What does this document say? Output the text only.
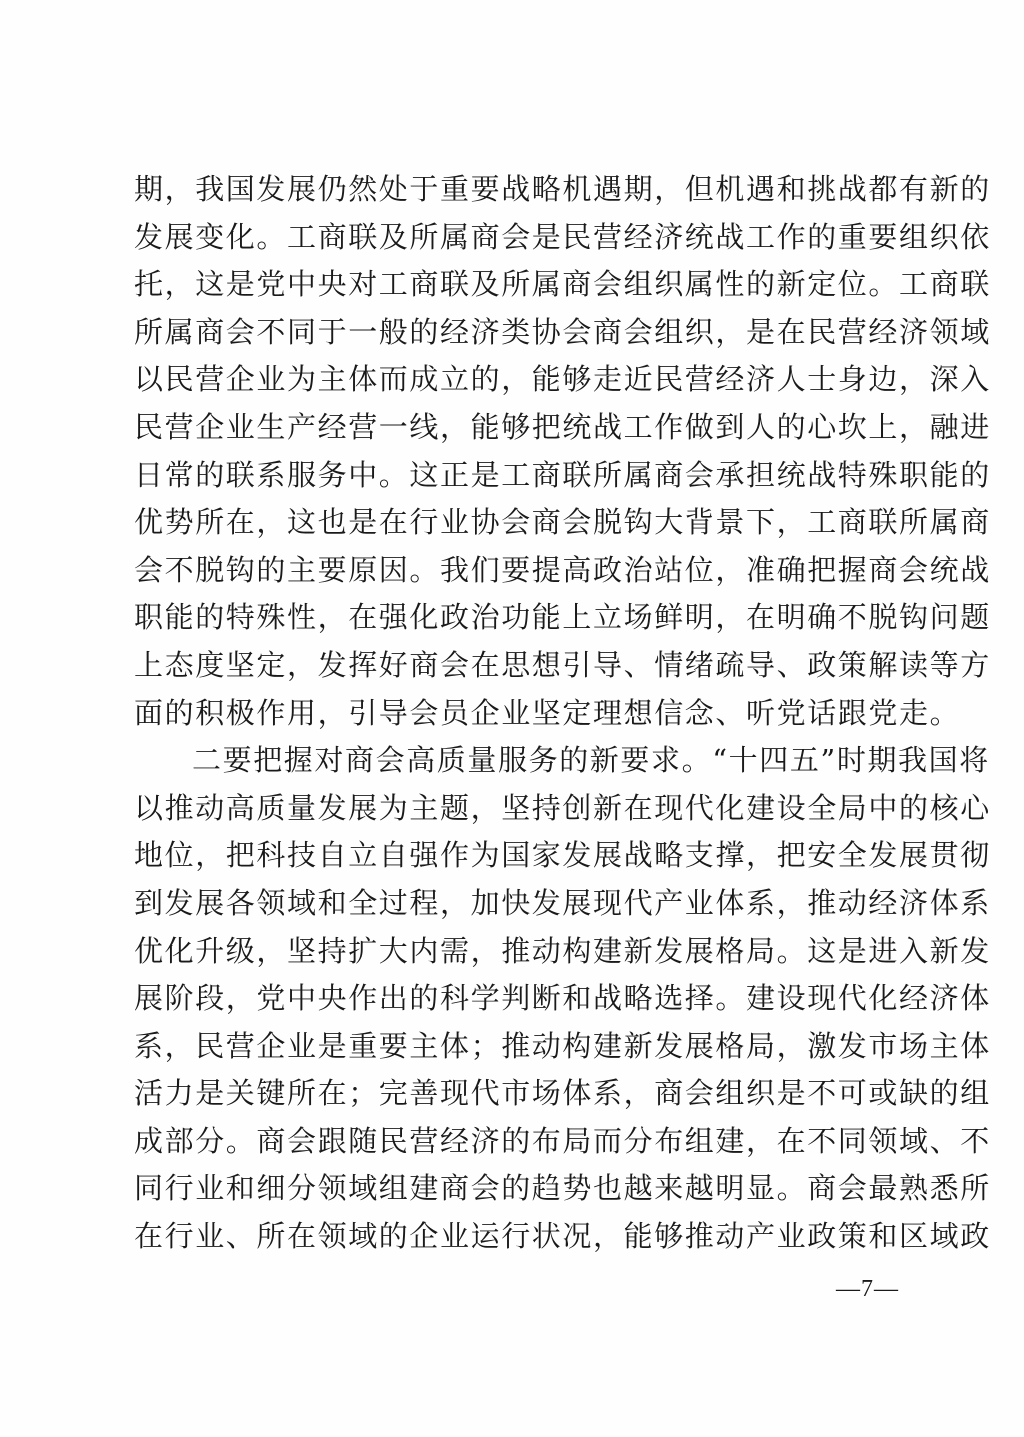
期，我国发展仍然处于重要战略机遇期，但机遇和挑战都有新的
发展变化。工商联及所属商会是民营经济统战工作的重要组织依
托，这是党中央对工商联及所属商会组织属性的新定位。工商联
所属商会不同于一般的经济类协会商会组织，是在民营经济领域
以民营企业为主体而成立的，能够走近民营经济人士身边，深入
民营企业生产经营一线，能够把统战工作做到人的心坎上，融进
日常的联系服务中。这正是工商联所属商会承担统战特殊职能的
优势所在，这也是在行业协会商会脱钩大背景下，工商联所属商
会不脱钩的主要原因。我们要提高政治站位，准确把握商会统战
职能的特殊性，在强化政治功能上立场鲜明，在明确不脱钩问题
上态度坚定，发挥好商会在思想引导、情绪疏导、政策解读等方
面的积极作用，引导会员企业坚定理想信念、听党话跟党走。
二要把握对商会高质量服务的新要求。“十四五”时期我国将
以推动高质量发展为主题，坚持创新在现代化建设全局中的核心
地位，把科技自立自强作为国家发展战略支撑，把安全发展贯彻
到发展各领域和全过程，加快发展现代产业体系，推动经济体系
优化升级，坚持扩大内需，推动构建新发展格局。这是进入新发
展阶段，党中央作出的科学判断和战略选择。建设现代化经济体
系，民营企业是重要主体；推动构建新发展格局，激发市场主体
活力是关键所在；完善现代市场体系，商会组织是不可或缺的组
成部分。商会跟随民营经济的布局而分布组建，在不同领域、不
同行业和细分领域组建商会的趋势也越来越明显。商会最熟悉所
在行业、所在领域的企业运行状况，能够推动产业政策和区域政
—7—
